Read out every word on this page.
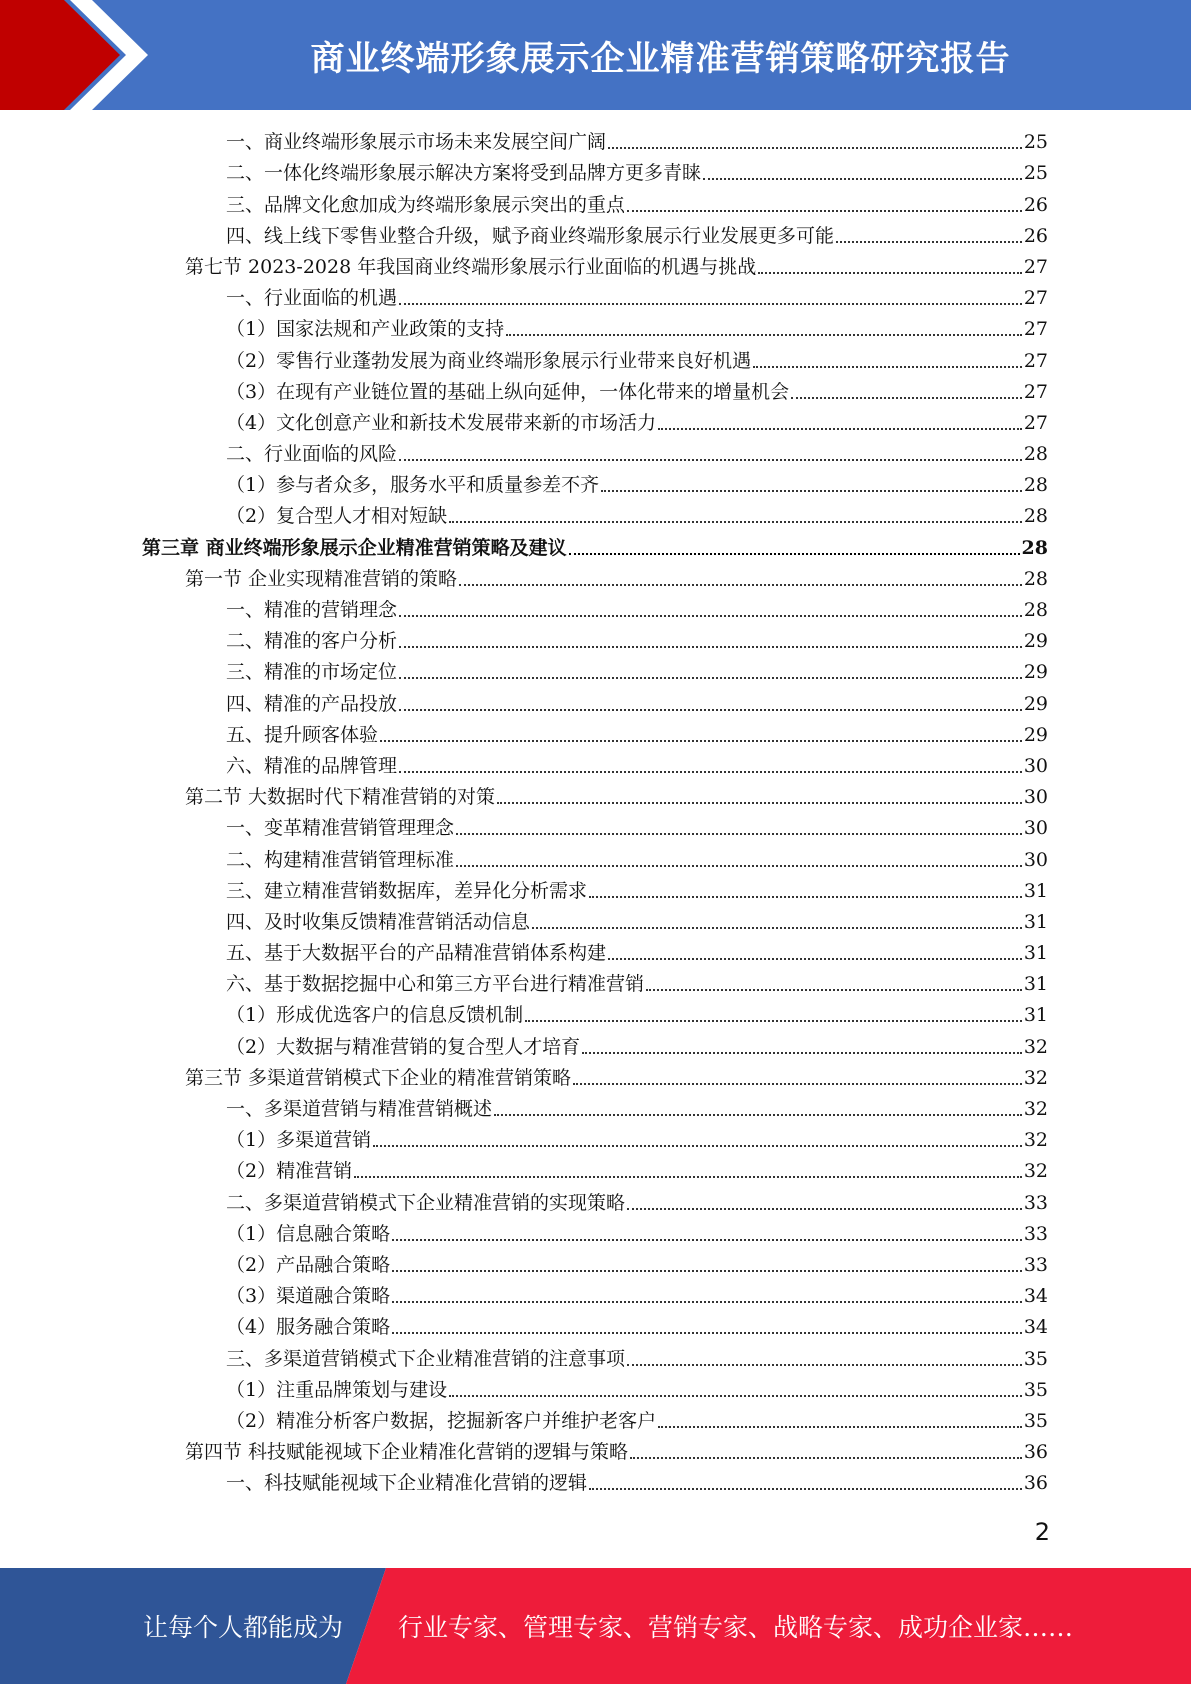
商业终端形象展示企业精准营销策略研究报告
一、商业终端形象展示市场未来发展空间广阔	25
二、一体化终端形象展示解决方案将受到品牌方更多青睐	25
三、品牌文化愈加成为终端形象展示突出的重点	26
四、线上线下零售业整合升级，赋予商业终端形象展示行业发展更多可能	26
第七节 2023-2028 年我国商业终端形象展示行业面临的机遇与挑战	27
一、行业面临的机遇	27
（1）国家法规和产业政策的支持	27
（2）零售行业蓬勃发展为商业终端形象展示行业带来良好机遇	27
（3）在现有产业链位置的基础上纵向延伸，一体化带来的增量机会	27
（4）文化创意产业和新技术发展带来新的市场活力	27
二、行业面临的风险	28
（1）参与者众多，服务水平和质量参差不齐	28
（2）复合型人才相对短缺	28
第三章 商业终端形象展示企业精准营销策略及建议	28
第一节 企业实现精准营销的策略	28
一、精准的营销理念	28
二、精准的客户分析	29
三、精准的市场定位	29
四、精准的产品投放	29
五、提升顾客体验	29
六、精准的品牌管理	30
第二节 大数据时代下精准营销的对策	30
一、变革精准营销管理理念	30
二、构建精准营销管理标准	30
三、建立精准营销数据库，差异化分析需求	31
四、及时收集反馈精准营销活动信息	31
五、基于大数据平台的产品精准营销体系构建	31
六、基于数据挖掘中心和第三方平台进行精准营销	31
（1）形成优选客户的信息反馈机制	31
（2）大数据与精准营销的复合型人才培育	32
第三节 多渠道营销模式下企业的精准营销策略	32
一、多渠道营销与精准营销概述	32
（1）多渠道营销	32
（2）精准营销	32
二、多渠道营销模式下企业精准营销的实现策略	33
（1）信息融合策略	33
（2）产品融合策略	33
（3）渠道融合策略	34
（4）服务融合策略	34
三、多渠道营销模式下企业精准营销的注意事项	35
（1）注重品牌策划与建设	35
（2）精准分析客户数据，挖掘新客户并维护老客户	35
第四节 科技赋能视域下企业精准化营销的逻辑与策略	36
一、科技赋能视域下企业精准化营销的逻辑	36
2
让每个人都能成为 行业专家、管理专家、营销专家、战略专家、成功企业家……
